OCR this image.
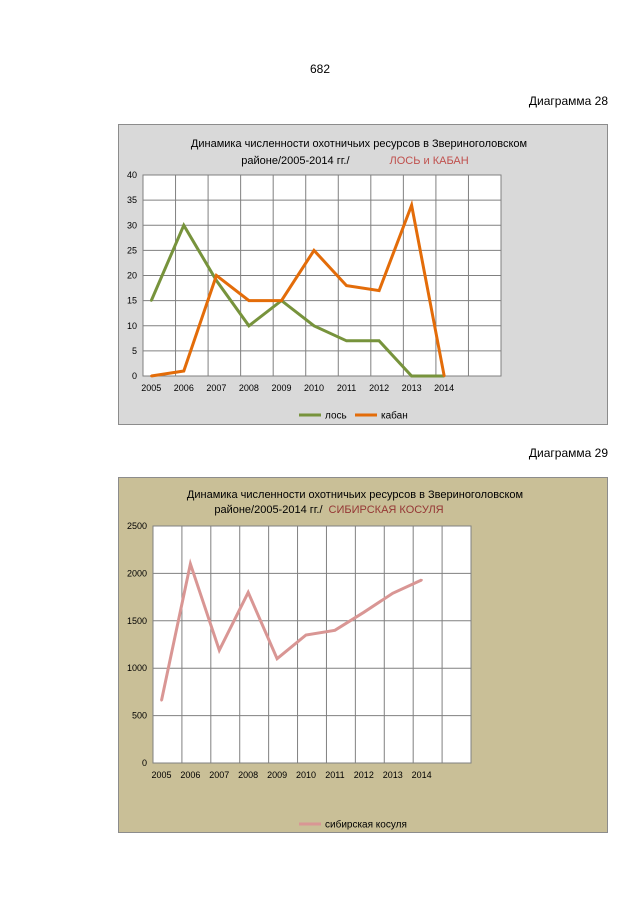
682
Диаграмма 28
Диаграмма 29
Динамика численности охотничьих ресурсов в Звериноголовском
районе/2005-2014 гг./	ЛОСЬ и КАБАН
0
5
10
15
20
25
30
35
40
2005 2006 2007 2008 2009 2010 2011 2012 2013 2014
лось	кабан
Динамика численности охотничьих ресурсов в Звериноголовском
районе/2005-2014 гг./ СИБИРСКАЯ КОСУЛЯ
0
500
1000
1500
2000
2500
2005 2006 2007 2008 2009 2010 2011 2012 2013 2014
сибирская косуля
